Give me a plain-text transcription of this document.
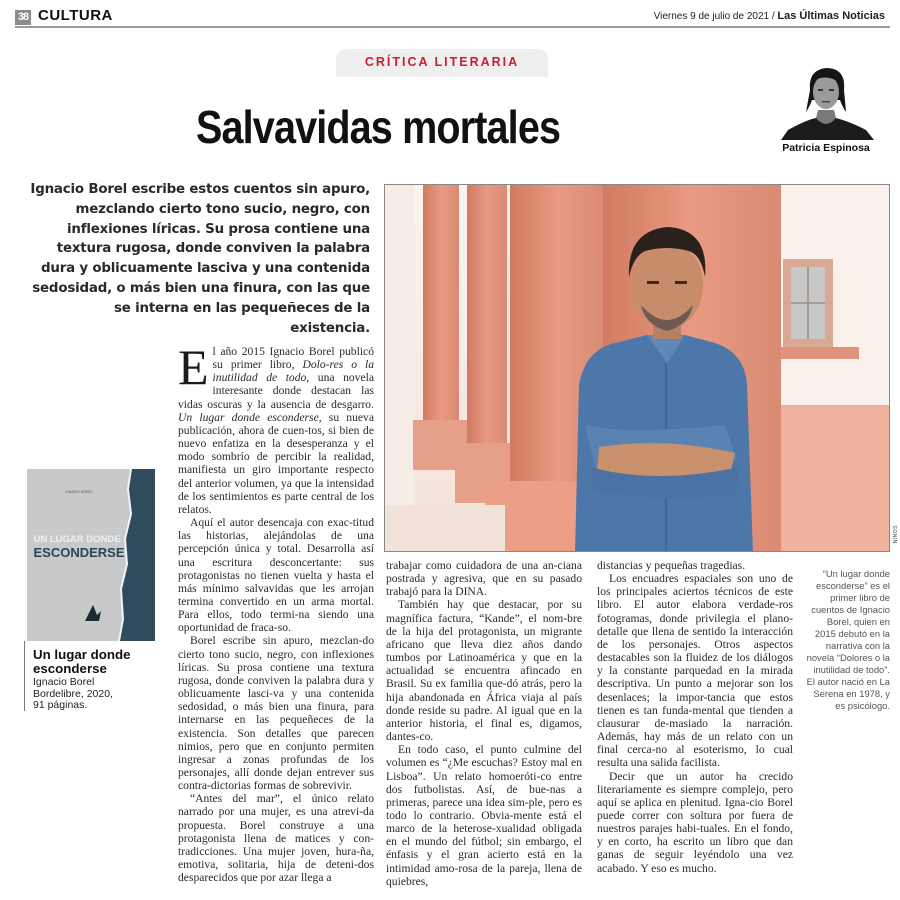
38 CULTURA	Viernes 9 de julio de 2021 / Las Últimas Noticias
CRÍTICA LITERARIA
Salvavidas mortales	Patricia Espinosa

Ignacio Borel escribe estos cuentos sin apuro, mezclando cierto tono sucio, negro, con inflexiones líricas. Su prosa contiene una textura rugosa, donde conviven la palabra dura y oblicuamente lasciva y una contenida sedosidad, o más bien una finura, con las que se interna en las pequeñeces de la existencia.

NINOS

El año 2015 Ignacio Borel publicó su primer libro, Dolo-res o la inutilidad de todo, una novela interesante donde destacan las vidas oscuras y la ausencia de desgarro. Un lugar donde esconderse, su nueva publicación, ahora de cuen-tos, si bien de nuevo enfatiza en la desesperanza y el modo sombrío de percibir la realidad, manifiesta un giro importante respecto del anterior volumen, ya que la intensidad de los sentimientos es parte central de los relatos.

Aquí el autor desencaja con exac-titud las historias, alejándolas de una percepción única y total. Desarrolla así una escritura desconcertante: sus protagonistas no tienen vuelta y hasta el más mínimo salvavidas que les arrojan termina convertido en un arma mortal. Para ellos, todo termi-na siendo una oportunidad de fraca-so.

Borel escribe sin apuro, mezclan-do cierto tono sucio, negro, con inflexiones líricas. Su prosa contiene una textura rugosa, donde conviven la palabra dura y oblicuamente lasci-va y una contenida sedosidad, o más bien una finura, para internarse en las pequeñeces de la existencia. Son detalles que parecen nimios, pero que en conjunto permiten ingresar a zonas profundas de los personajes, allí donde dejan entrever sus contra-dictorias formas de sobrevivir.

“Antes del mar”, el único relato narrado por una mujer, es una atrevi-da propuesta. Borel construye a una protagonista llena de matices y con-tradicciones. Una mujer joven, hura-ña, emotiva, solitaria, hija de deteni-dos desparecidos que por azar llega a

trabajar como cuidadora de una an-ciana postrada y agresiva, que en su pasado trabajó para la DINA.

También hay que destacar, por su magnífica factura, “Kande”, el nom-bre de la hija del protagonista, un migrante africano que lleva diez años dando tumbos por Latinoamérica y que en la actualidad se encuentra afincado en Brasil. Su ex familia que-dó atrás, pero la hija abandonada en África viaja al país donde reside su padre. Al igual que en la anterior historia, el final es, digamos, dantes-co.

En todo caso, el punto culmine del volumen es “¿Me escuchas? Estoy mal en Lisboa”. Un relato homoeróti-co entre dos futbolistas. Así, de bue-nas a primeras, parece una idea sim-ple, pero es todo lo contrario. Obvia-mente está el marco de la heterose-xualidad obligada en el mundo del fútbol; sin embargo, el énfasis y el gran acierto está en la intimidad amo-rosa de la pareja, llena de quiebres,

distancias y pequeñas tragedias.

Los encuadres espaciales son uno de los principales aciertos técnicos de este libro. El autor elabora verdade-ros fotogramas, donde privilegia el plano-detalle que llena de sentido la interacción de los personajes. Otros aspectos destacables son la fluidez de los diálogos y la constante parquedad en la mirada descriptiva. Un punto a mejorar son los desenlaces; la impor-tancia que estos tienen es tan funda-mental que tienden a clausurar de-masiado la narración. Además, hay más de un relato con un final cerca-no al esoterismo, lo cual resulta una salida facilista.

Decir que un autor ha crecido literariamente es siempre complejo, pero aquí se aplica en plenitud. Igna-cio Borel puede correr con soltura por fuera de nuestros parajes habi-tuales. En el fondo, y en corto, ha escrito un libro que dan ganas de seguir leyéndolo una vez acabado. Y eso es mucho.

IGNACIO BOREL
UN LUGAR DONDE
ESCONDERSE
Un lugar donde esconderse
Ignacio Borel
Bordelibre, 2020,
91 páginas.

“Un lugar donde esconderse” es el primer libro de cuentos de Ignacio Borel, quien en 2015 debutó en la narrativa con la novela “Dolores o la inutilidad de todo”. El autor nació en La Serena en 1978, y es psicólogo.
